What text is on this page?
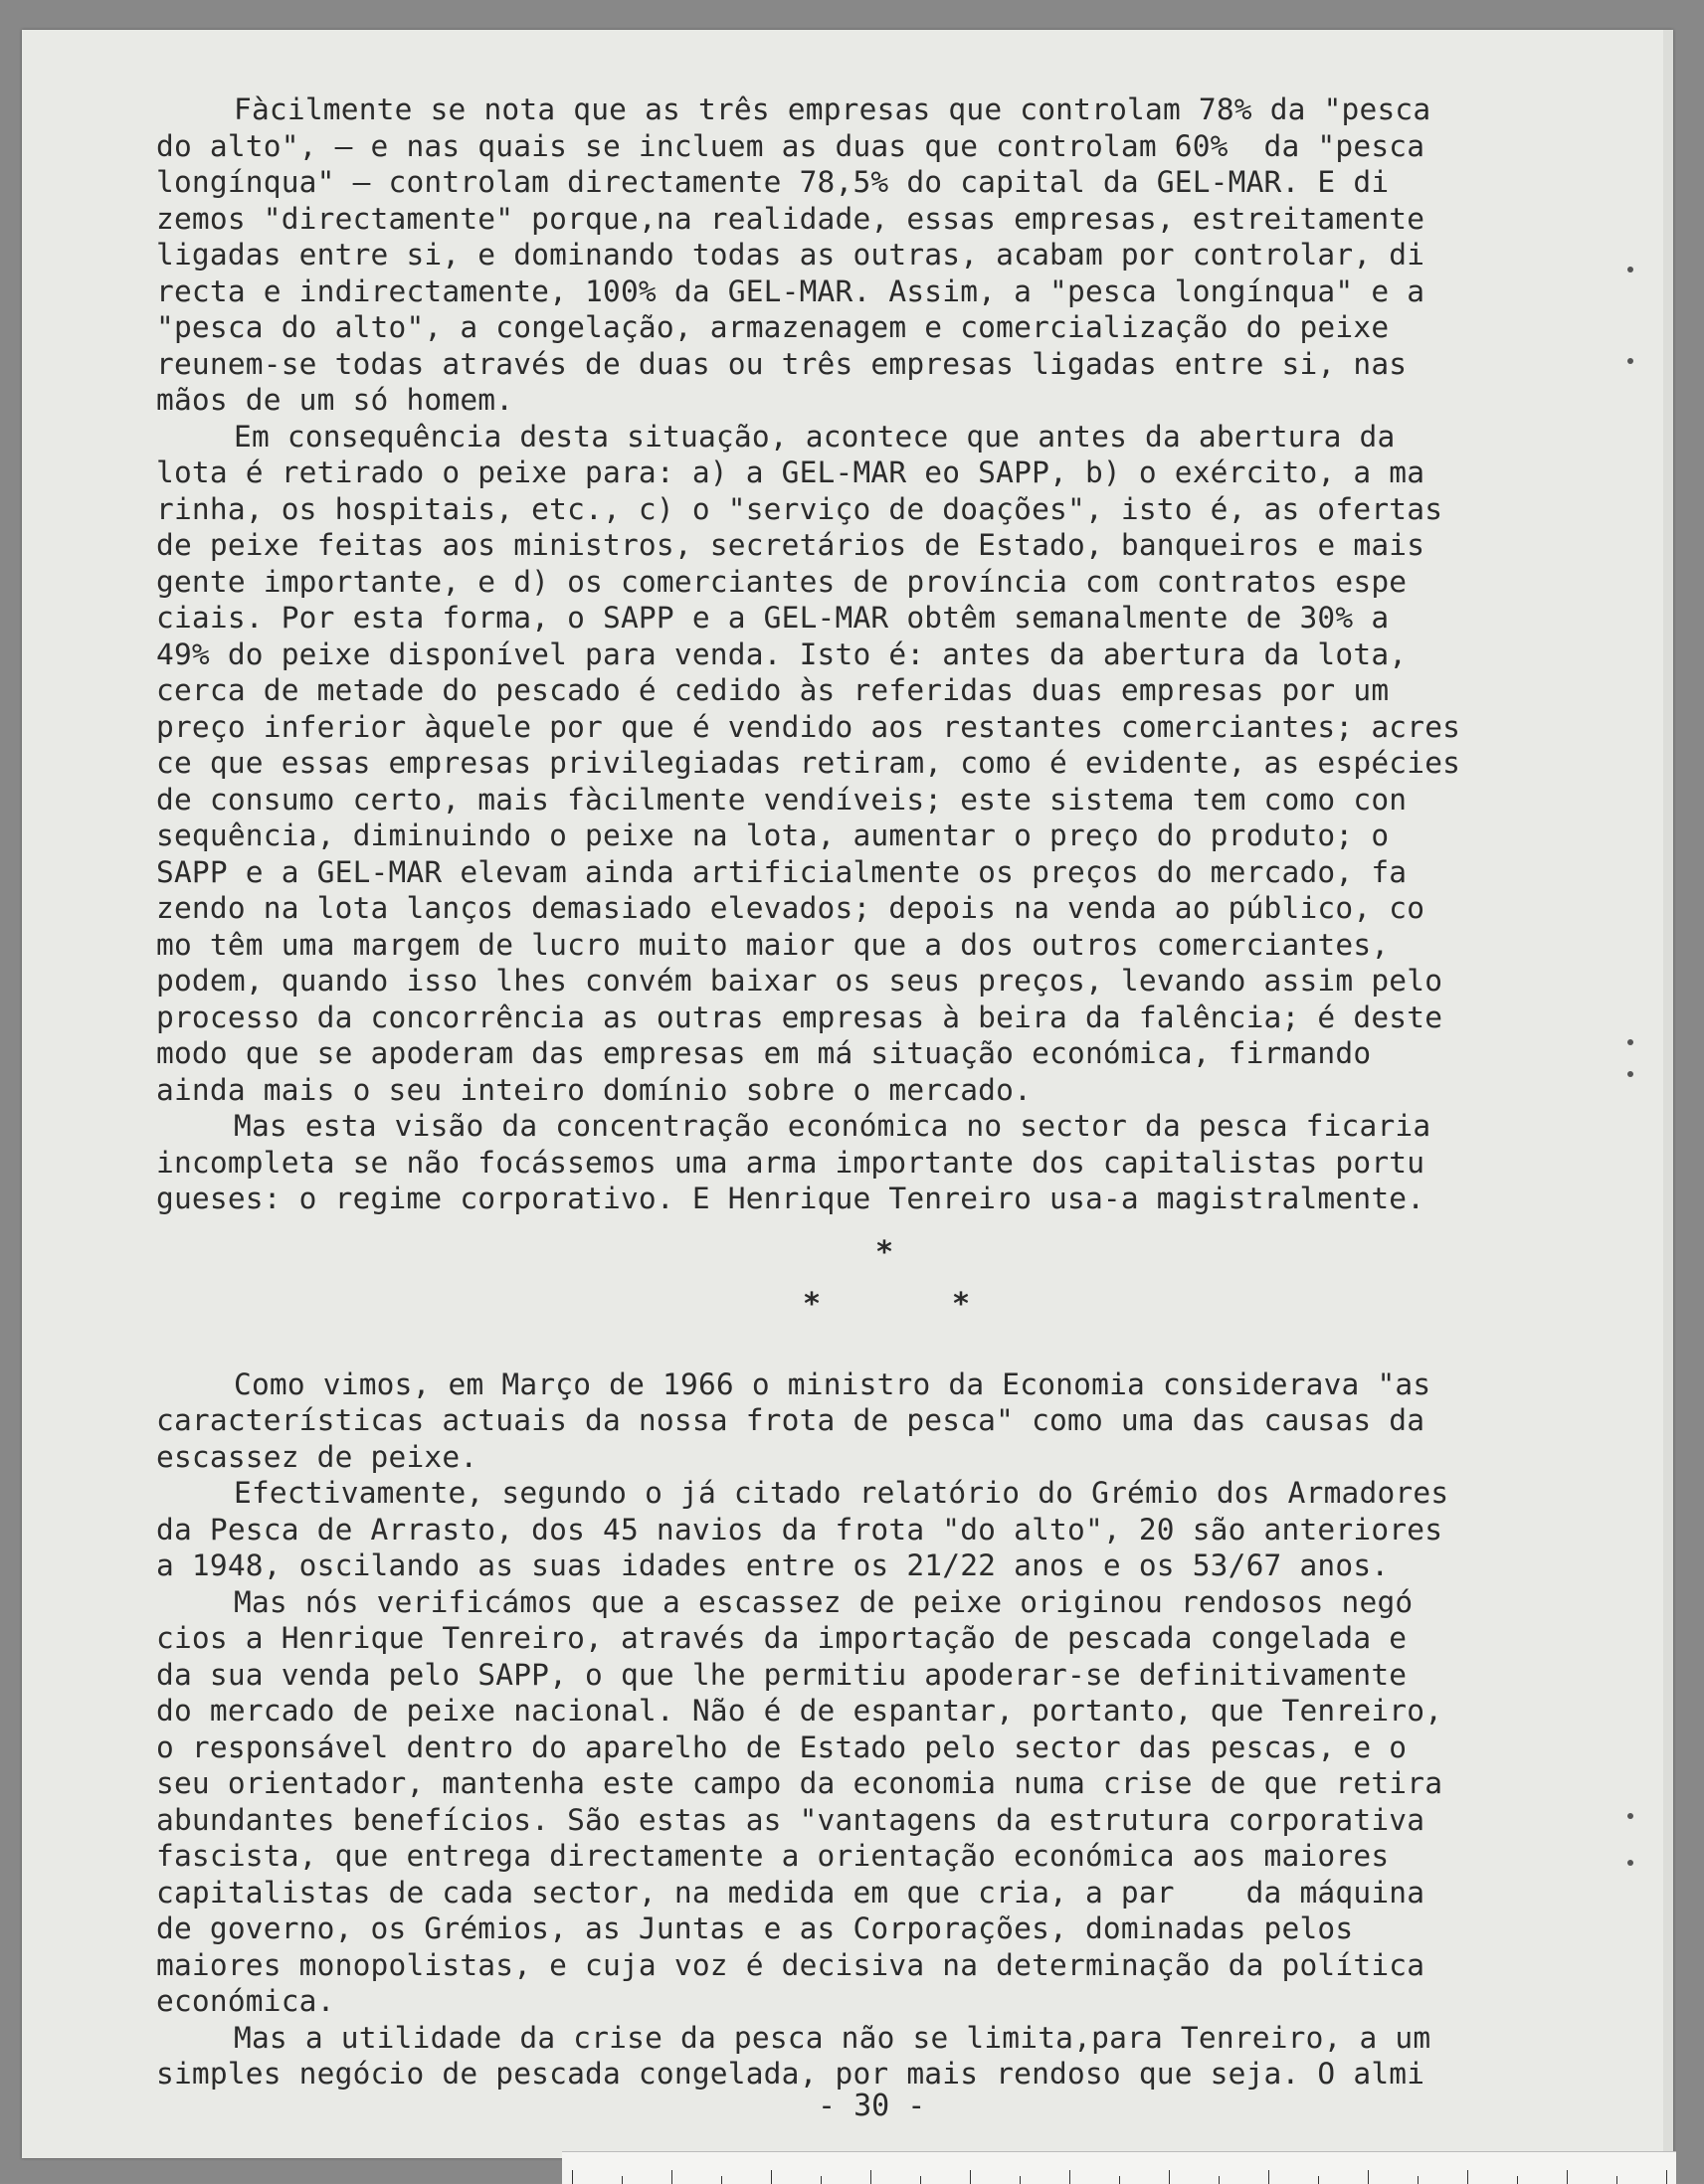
Fàcilmente se nota que as três empresas que controlam 78% da "pesca
do alto", — e nas quais se incluem as duas que controlam 60%  da "pesca
longínqua" — controlam directamente 78,5% do capital da GEL-MAR. E di
zemos "directamente" porque,na realidade, essas empresas, estreitamente
ligadas entre si, e dominando todas as outras, acabam por controlar, di
recta e indirectamente, 100% da GEL-MAR. Assim, a "pesca longínqua" e a
"pesca do alto", a congelação, armazenagem e comercialização do peixe
reunem-se todas através de duas ou três empresas ligadas entre si, nas
mãos de um só homem.

Em consequência desta situação, acontece que antes da abertura da
lota é retirado o peixe para: a) a GEL-MAR eo SAPP, b) o exército, a ma
rinha, os hospitais, etc., c) o "serviço de doações", isto é, as ofertas
de peixe feitas aos ministros, secretários de Estado, banqueiros e mais
gente importante, e d) os comerciantes de província com contratos espe
ciais. Por esta forma, o SAPP e a GEL-MAR obtêm semanalmente de 30% a
49% do peixe disponível para venda. Isto é: antes da abertura da lota,
cerca de metade do pescado é cedido às referidas duas empresas por um
preço inferior àquele por que é vendido aos restantes comerciantes; acres
ce que essas empresas privilegiadas retiram, como é evidente, as espécies
de consumo certo, mais fàcilmente vendíveis; este sistema tem como con
sequência, diminuindo o peixe na lota, aumentar o preço do produto; o
SAPP e a GEL-MAR elevam ainda artificialmente os preços do mercado, fa
zendo na lota lanços demasiado elevados; depois na venda ao público, co
mo têm uma margem de lucro muito maior que a dos outros comerciantes,
podem, quando isso lhes convém baixar os seus preços, levando assim pelo
processo da concorrência as outras empresas à beira da falência; é deste
modo que se apoderam das empresas em má situação económica, firmando
ainda mais o seu inteiro domínio sobre o mercado.

Mas esta visão da concentração económica no sector da pesca ficaria
incompleta se não focássemos uma arma importante dos capitalistas portu
gueses: o regime corporativo. E Henrique Tenreiro usa-a magistralmente.

*
*	*

Como vimos, em Março de 1966 o ministro da Economia considerava "as
características actuais da nossa frota de pesca" como uma das causas da
escassez de peixe.

Efectivamente, segundo o já citado relatório do Grémio dos Armadores
da Pesca de Arrasto, dos 45 navios da frota "do alto", 20 são anteriores
a 1948, oscilando as suas idades entre os 21/22 anos e os 53/67 anos.

Mas nós verificámos que a escassez de peixe originou rendosos negó
cios a Henrique Tenreiro, através da importação de pescada congelada e
da sua venda pelo SAPP, o que lhe permitiu apoderar-se definitivamente
do mercado de peixe nacional. Não é de espantar, portanto, que Tenreiro,
o responsável dentro do aparelho de Estado pelo sector das pescas, e o
seu orientador, mantenha este campo da economia numa crise de que retira
abundantes benefícios. São estas as "vantagens da estrutura corporativa
fascista, que entrega directamente a orientação económica aos maiores
capitalistas de cada sector, na medida em que cria, a par    da máquina
de governo, os Grémios, as Juntas e as Corporações, dominadas pelos
maiores monopolistas, e cuja voz é decisiva na determinação da política
económica.

Mas a utilidade da crise da pesca não se limita,para Tenreiro, a um
simples negócio de pescada congelada, por mais rendoso que seja. O almi

- 30 -
